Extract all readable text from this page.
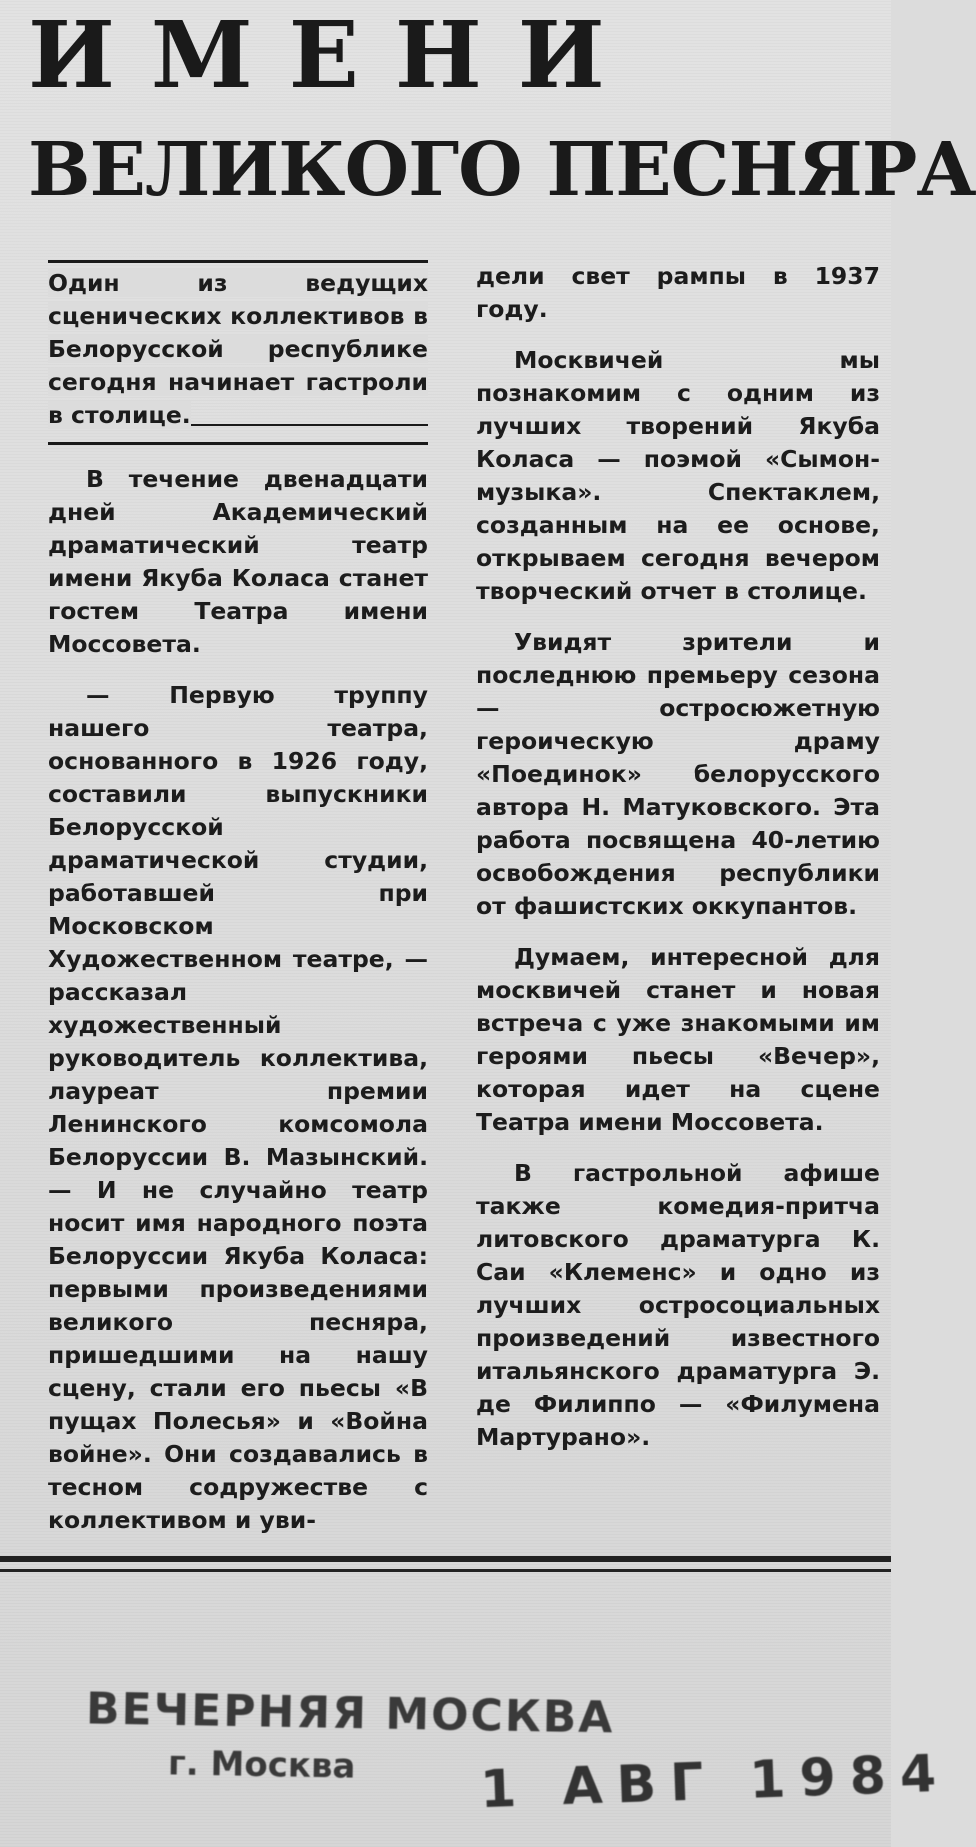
ИМЕНИ
ВЕЛИКОГО ПЕСНЯРА

Один из ведущих сценических коллективов в Белорусской республике сегодня начинает гастроли в столице.

В течение двенадцати дней Академический драматический театр имени Якуба Коласа станет гостем Театра имени Моссовета.

— Первую труппу нашего театра, основанного в 1926 году, составили выпускники Белорусской драматической студии, работавшей при Московском Художественном театре, — рассказал художественный руководитель коллектива, лауреат премии Ленинского комсомола Белоруссии В. Мазынский. — И не случайно театр носит имя народного поэта Белоруссии Якуба Коласа: первыми произведениями великого песняра, пришедшими на нашу сцену, стали его пьесы «В пущах Полесья» и «Война войне». Они создавались в тесном содружестве с коллективом и уви-

дели свет рампы в 1937 году.

Москвичей мы познакомим с одним из лучших творений Якуба Коласа — поэмой «Сымон-музыка». Спектаклем, созданным на ее основе, открываем сегодня вечером творческий отчет в столице.

Увидят зрители и последнюю премьеру сезона — остросюжетную героическую драму «Поединок» белорусского автора Н. Матуковского. Эта работа посвящена 40-летию освобождения республики от фашистских оккупантов.

Думаем, интересной для москвичей станет и новая встреча с уже знакомыми им героями пьесы «Вечер», которая идет на сцене Театра имени Моссовета.

В гастрольной афише также комедия-притча литовского драматурга К. Саи «Клеменс» и одно из лучших остросоциальных произведений известного итальянского драматурга Э. де Филиппо — «Филумена Мартурано».

ВЕЧЕРНЯЯ МОСКВА
г. Москва 1 АВГ 1984
